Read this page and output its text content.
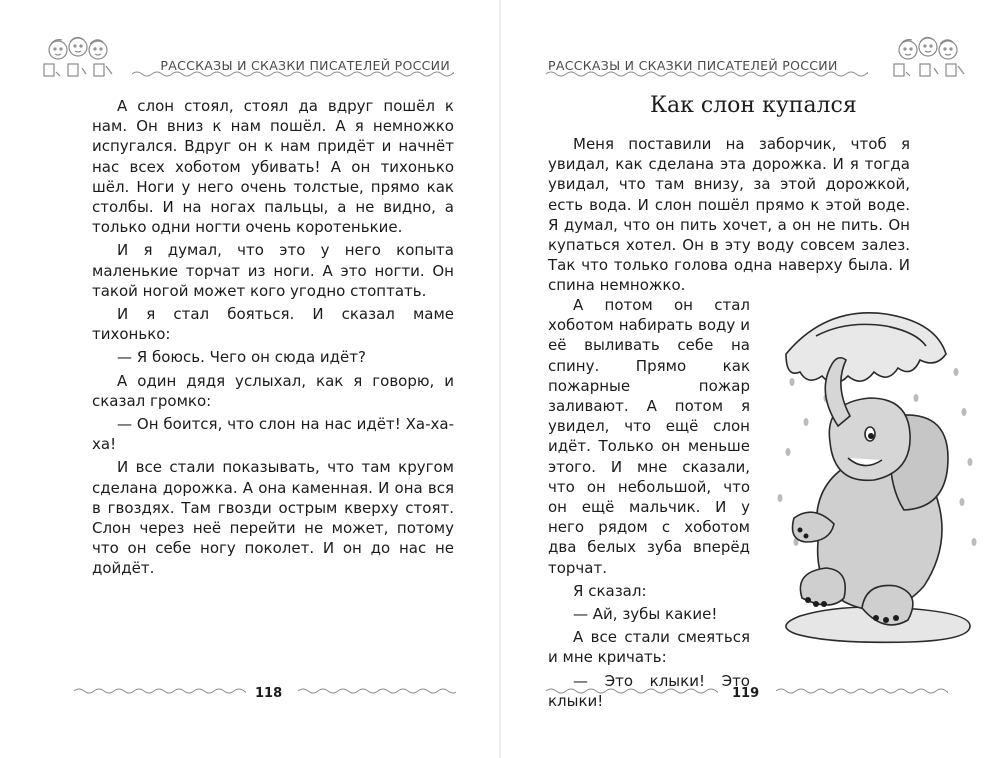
РАССКАЗЫ И СКАЗКИ ПИСАТЕЛЕЙ РОССИИ

А слон стоял, стоял да вдруг пошёл к нам. Он вниз к нам пошёл. А я немножко испугался. Вдруг он к нам придёт и начнёт нас всех хоботом убивать! А он тихонько шёл. Ноги у него очень толстые, прямо как столбы. И на ногах пальцы, а не видно, а только одни ногти очень коротенькие.

И я думал, что это у него копыта маленькие торчат из ноги. А это ногти. Он такой ногой может кого угодно стоптать.

И я стал бояться. И сказал маме тихонько:

— Я боюсь. Чего он сюда идёт?

А один дядя услыхал, как я говорю, и сказал громко:

— Он боится, что слон на нас идёт! Ха-ха-ха!

И все стали показывать, что там кругом сделана дорожка. А она каменная. И она вся в гвоздях. Там гвозди острым кверху стоят. Слон через неё перейти не может, потому что он себе ногу поколет. И он до нас не дойдёт.

118
РАССКАЗЫ И СКАЗКИ ПИСАТЕЛЕЙ РОССИИ
Как слон купался

Меня поставили на заборчик, чтоб я увидал, как сделана эта дорожка. И я тогда увидал, что там внизу, за этой дорожкой, есть вода. И слон пошёл прямо к этой воде. Я думал, что он пить хочет, а он не пить. Он купаться хотел. Он в эту воду совсем залез. Так что только голова одна наверху была. И спина немножко.

А потом он стал хоботом набирать воду и её выливать себе на спину. Прямо как пожарные пожар заливают. А потом я увидел, что ещё слон идёт. Только он меньше этого. И мне сказали, что он небольшой, что он ещё мальчик. И у него рядом с хоботом два белых зуба вперёд торчат.

Я сказал:

— Ай, зубы какие!

А все стали смеяться и мне кричать:

— Это клыки! Это клыки!	119
